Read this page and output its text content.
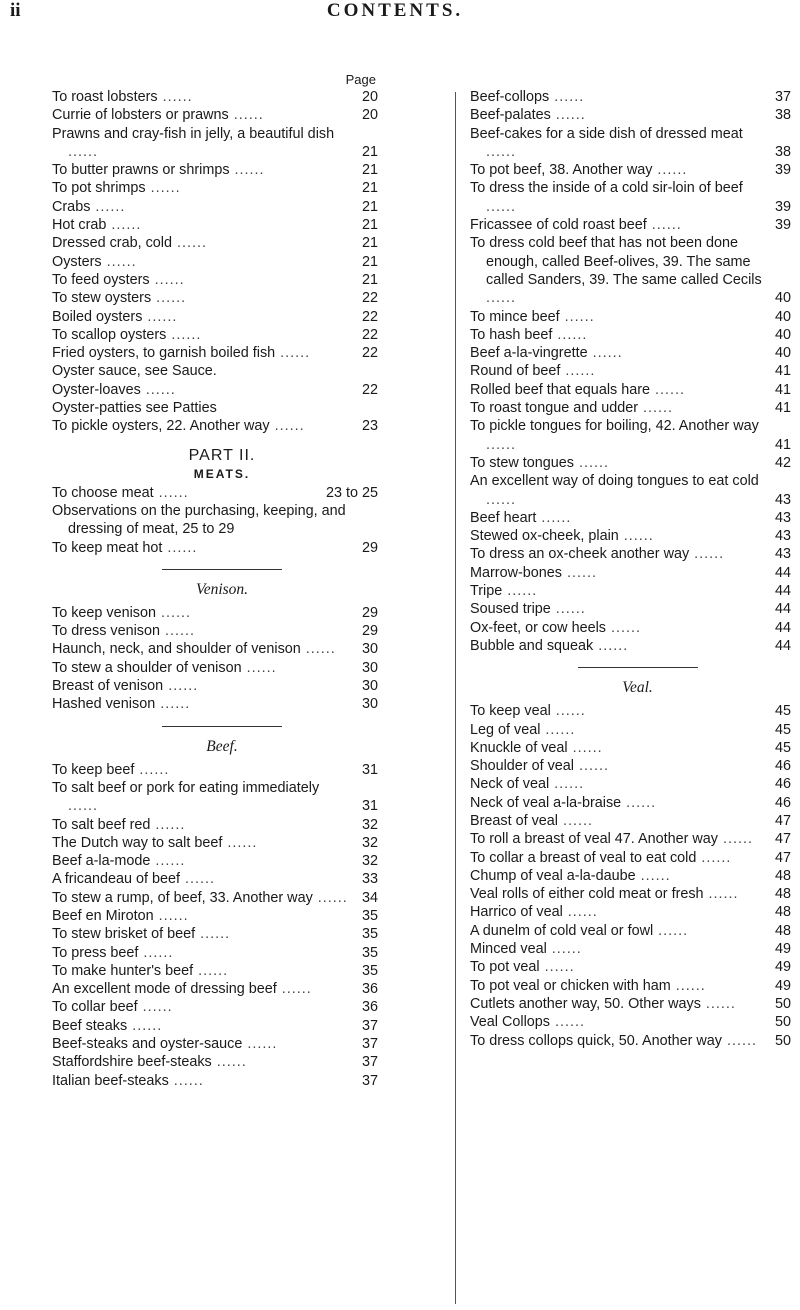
ii	CONTENTS.
Page
To roast lobsters ......	20
Currie of lobsters or prawns ......	20
Prawns and cray-fish in jelly, a beautiful dish ......	21
To butter prawns or shrimps ......	21
To pot shrimps ......	21
Crabs ......	21
Hot crab ......	21
Dressed crab, cold ......	21
Oysters ......	21
To feed oysters ......	21
To stew oysters ......	22
Boiled oysters ......	22
To scallop oysters ......	22
Fried oysters, to garnish boiled fish ......	22
Oyster sauce, see Sauce.
Oyster-loaves ......	22
Oyster-patties see Patties
To pickle oysters, 22. Another way ......	23
PART II.
MEATS.
To choose meat ......	23 to 25
Observations on the purchasing, keeping, and dressing of meat, 25 to 29
To keep meat hot ......	29
Venison.
To keep venison ......	29
To dress venison ......	29
Haunch, neck, and shoulder of venison ...... 30
To stew a shoulder of venison ......	30
Breast of venison ......	30
Hashed venison ......	30
Beef.
To keep beef ......	31
To salt beef or pork for eating immediately ......	31
To salt beef red ......	32
The Dutch way to salt beef ......	32
Beef a-la-mode ......	32
A fricandeau of beef ......	33
To stew a rump, of beef, 33. Another way ...... 34
Beef en Miroton ......	35
To stew brisket of beef ......	35
To press beef ......	35
To make hunter's beef ......	35
An excellent mode of dressing beef ......	36
To collar beef ......	36
Beef steaks ......	37
Beef-steaks and oyster-sauce ......	37
Staffordshire beef-steaks ......	37
Italian beef-steaks ......	37
Beef-collops ......	37
Beef-palates ......	38
Beef-cakes for a side dish of dressed meat ......	38
To pot beef, 38. Another way ......	39
To dress the inside of a cold sir-loin of beef ......	39
Fricassee of cold roast beef ......	39
To dress cold beef that has not been done enough, called Beef-olives, 39. The same called Sanders, 39. The same called Cecils ......	40
To mince beef ......	40
To hash beef ......	40
Beef a-la-vingrette ......	40
Round of beef ......	41
Rolled beef that equals hare ......	41
To roast tongue and udder ......	41
To pickle tongues for boiling, 42. Another way ......	41
To stew tongues ......	42
An excellent way of doing tongues to eat cold ......	43
Beef heart ......	43
Stewed ox-cheek, plain ......	43
To dress an ox-cheek another way ......	43
Marrow-bones ......	44
Tripe ......	44
Soused tripe ......	44
Ox-feet, or cow heels ......	44
Bubble and squeak ......	44
Veal.
To keep veal ......	45
Leg of veal ......	45
Knuckle of veal ......	45
Shoulder of veal ......	46
Neck of veal ......	46
Neck of veal a-la-braise ......	46
Breast of veal ......	47
To roll a breast of veal 47. Another way ...... 47
To collar a breast of veal to eat cold ......	47
Chump of veal a-la-daube ......	48
Veal rolls of either cold meat or fresh ......	48
Harrico of veal ......	48
A dunelm of cold veal or fowl ......	48
Minced veal ......	49
To pot veal ......	49
To pot veal or chicken with ham ......	49
Cutlets another way, 50. Other ways ......	50
Veal Collops ......	50
To dress collops quick, 50. Another way ...... 50
